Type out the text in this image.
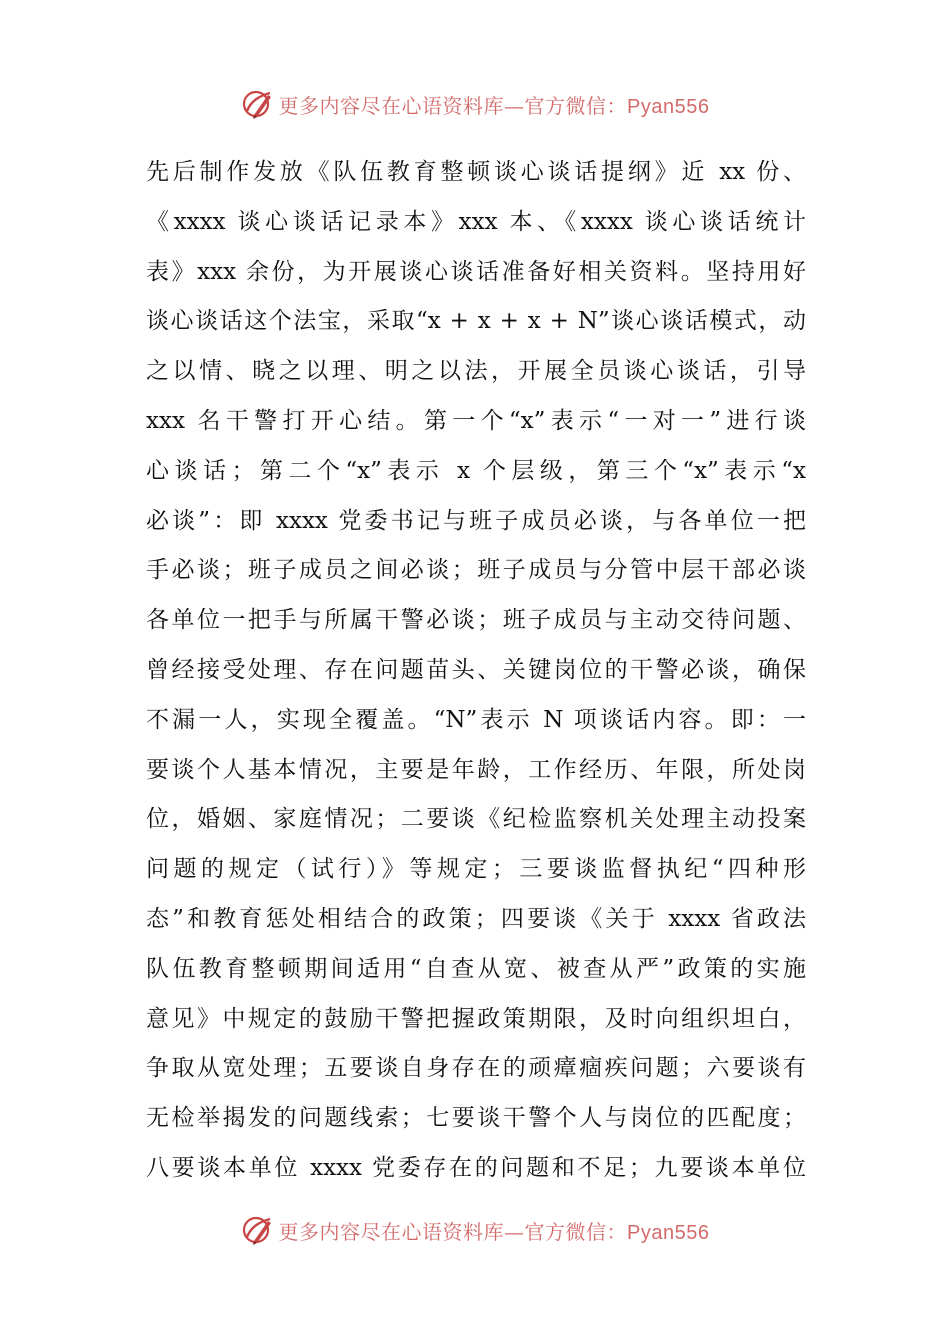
更多内容尽在心语资料库—官方微信：Pyan556
先后制作发放《队伍教育整顿谈心谈话提纲》近 xx 份、
《xxxx 谈心谈话记录本》xxx 本、《xxxx 谈心谈话统计
表》xxx 余份，为开展谈心谈话准备好相关资料。坚持用好
谈心谈话这个法宝，采取“x + x + x + N”谈心谈话模式，动
之以情、晓之以理、明之以法，开展全员谈心谈话，引导
xxx 名干警打开心结。第一个“x”表示“一对一”进行谈
心谈话；第二个“x”表示 x 个层级，第三个“x”表示“x
必谈”：即 xxxx 党委书记与班子成员必谈，与各单位一把
手必谈；班子成员之间必谈；班子成员与分管中层干部必谈
各单位一把手与所属干警必谈；班子成员与主动交待问题、
曾经接受处理、存在问题苗头、关键岗位的干警必谈，确保
不漏一人，实现全覆盖。“N”表示 N 项谈话内容。即：一
要谈个人基本情况，主要是年龄，工作经历、年限，所处岗
位，婚姻、家庭情况；二要谈《纪检监察机关处理主动投案
问题的规定（试行）》等规定；三要谈监督执纪“四种形
态”和教育惩处相结合的政策；四要谈《关于 xxxx 省政法
队伍教育整顿期间适用“自查从宽、被查从严”政策的实施
意见》中规定的鼓励干警把握政策期限，及时向组织坦白，
争取从宽处理；五要谈自身存在的顽瘴痼疾问题；六要谈有
无检举揭发的问题线索；七要谈干警个人与岗位的匹配度；
八要谈本单位 xxxx 党委存在的问题和不足；九要谈本单位
更多内容尽在心语资料库—官方微信：Pyan556
